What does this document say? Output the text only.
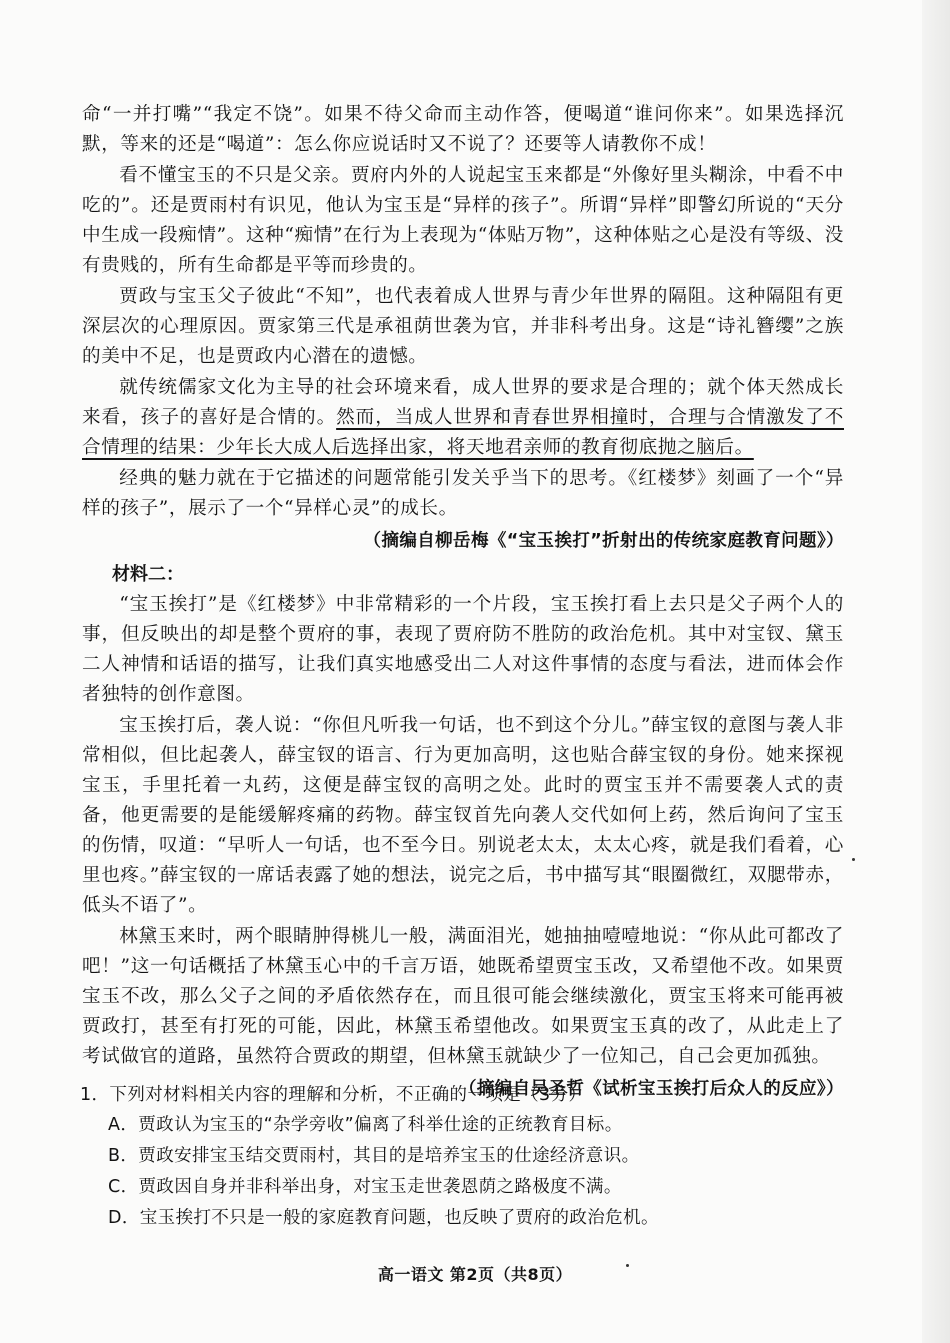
命“一并打嘴”“我定不饶”。如果不待父命而主动作答，便喝道“谁问你来”。如果选择沉默，等来的还是“喝道”：怎么你应说话时又不说了？还要等人请教你不成！

看不懂宝玉的不只是父亲。贾府内外的人说起宝玉来都是“外像好里头糊涂，中看不中吃的”。还是贾雨村有识见，他认为宝玉是“异样的孩子”。所谓“异样”即警幻所说的“天分中生成一段痴情”。这种“痴情”在行为上表现为“体贴万物”，这种体贴之心是没有等级、没有贵贱的，所有生命都是平等而珍贵的。

贾政与宝玉父子彼此“不知”，也代表着成人世界与青少年世界的隔阻。这种隔阻有更深层次的心理原因。贾家第三代是承祖荫世袭为官，并非科考出身。这是“诗礼簪缨”之族的美中不足，也是贾政内心潜在的遗憾。

就传统儒家文化为主导的社会环境来看，成人世界的要求是合理的；就个体天然成长来看，孩子的喜好是合情的。然而，当成人世界和青春世界相撞时，合理与合情激发了不合情理的结果：少年长大成人后选择出家，将天地君亲师的教育彻底抛之脑后。

经典的魅力就在于它描述的问题常能引发关乎当下的思考。《红楼梦》刻画了一个“异样的孩子”，展示了一个“异样心灵”的成长。

（摘编自柳岳梅《“宝玉挨打”折射出的传统家庭教育问题》）
材料二：

“宝玉挨打”是《红楼梦》中非常精彩的一个片段，宝玉挨打看上去只是父子两个人的事，但反映出的却是整个贾府的事，表现了贾府防不胜防的政治危机。其中对宝钗、黛玉二人神情和话语的描写，让我们真实地感受出二人对这件事情的态度与看法，进而体会作者独特的创作意图。

宝玉挨打后，袭人说：“你但凡听我一句话，也不到这个分儿。”薛宝钗的意图与袭人非常相似，但比起袭人，薛宝钗的语言、行为更加高明，这也贴合薛宝钗的身份。她来探视宝玉，手里托着一丸药，这便是薛宝钗的高明之处。此时的贾宝玉并不需要袭人式的责备，他更需要的是能缓解疼痛的药物。薛宝钗首先向袭人交代如何上药，然后询问了宝玉的伤情，叹道：“早听人一句话，也不至今日。别说老太太，太太心疼，就是我们看着，心里也疼。”薛宝钗的一席话表露了她的想法，说完之后，书中描写其“眼圈微红，双腮带赤，低头不语了”。

林黛玉来时，两个眼睛肿得桃儿一般，满面泪光，她抽抽噎噎地说：“你从此可都改了吧！”这一句话概括了林黛玉心中的千言万语，她既希望贾宝玉改，又希望他不改。如果贾宝玉不改，那么父子之间的矛盾依然存在，而且很可能会继续激化，贾宝玉将来可能再被贾政打，甚至有打死的可能，因此，林黛玉希望他改。如果贾宝玉真的改了，从此走上了考试做官的道路，虽然符合贾政的期望，但林黛玉就缺少了一位知己，自己会更加孤独。

（摘编自吴圣哲《试析宝玉挨打后众人的反应》）

1．下列对材料相关内容的理解和分析，不正确的一项是（3分）

A．贾政认为宝玉的“杂学旁收”偏离了科举仕途的正统教育目标。

B．贾政安排宝玉结交贾雨村，其目的是培养宝玉的仕途经济意识。

C．贾政因自身并非科举出身，对宝玉走世袭恩荫之路极度不满。

D．宝玉挨打不只是一般的家庭教育问题，也反映了贾府的政治危机。

高一语文 第2页（共8页）
